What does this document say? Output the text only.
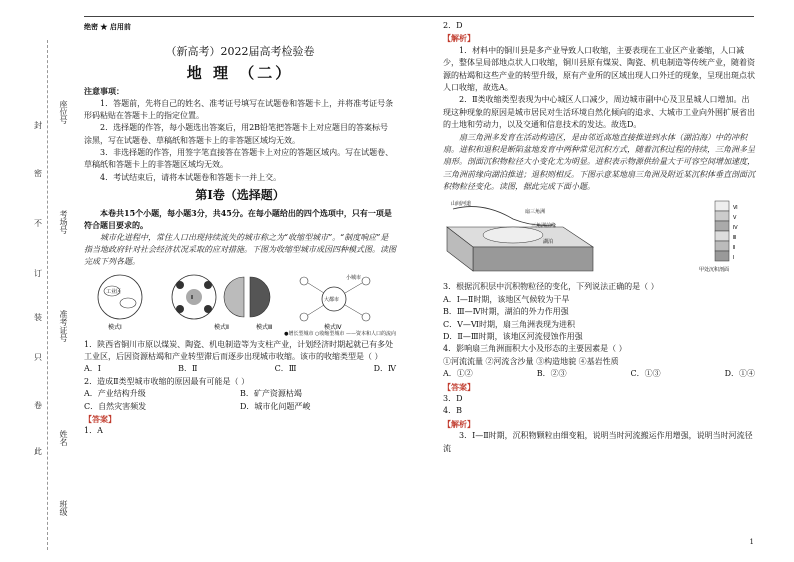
座位号
封
密
不 考场号
订
装
只
准考证号
卷
此
姓名
班级
绝密 ★ 启用前
（新高考）2022届高考检验卷
地 理 （二）

注意事项：

1．答题前，先将自己的姓名、准考证号填写在试题卷和答题卡上，并将准考证号条形码粘贴在答题卡上的指定位置。

2．选择题的作答，每小题选出答案后，用2B铅笔把答题卡上对应题目的答案标号涂黑，写在试题卷、草稿纸和答题卡上的非答题区域均无效。

3．非选择题的作答，用签字笔直接答在答题卡上对应的答题区域内。写在试题卷、草稿纸和答题卡上的非答题区域均无效。

4．考试结束后，请将本试题卷和答题卡一并上交。

第Ⅰ卷（选择题）

本卷共15个小题，每小题3分，共45分。在每小题给出的四个选项中，只有一项是符合题目要求的。

城市化进程中，常住人口出现持续流失的城市称之为“收缩型城市”。“制度响应”是指当地政府针对社会经济状况采取的应对措施。下图为收缩型城市成因四种模式图。读图完成下列各题。

工业区
模式Ⅰ
Ⅱ
模式Ⅱ	模式Ⅲ
大都市
小城市
模式Ⅳ

●增长型城市 ○收缩型城市 ——资本和人口的流向

1．陕西省铜川市原以煤炭、陶瓷、机电制造等为支柱产业，计划经济时期起就已有多处工业区，后因资源枯竭和产业转型滞后而逐步出现城市收缩。该市的收缩类型是（ ）

A．Ⅰ	B．Ⅱ	C．Ⅲ	D．Ⅳ

2．造成Ⅱ类型城市收缩的原因最有可能是（ ）

A．产业结构升级	B．矿产资源枯竭
C．自然灾害频发	D．城市化问题严峻

【答案】

1．A

2．D

【解析】

1．材料中的铜川县是多产业导致人口收缩，主要表现在工业区产业萎缩，人口减少，整体呈局部地点状人口收缩，铜川县原有煤炭、陶瓷、机电制造等传统产业，随着资源的枯竭和这些产业的转型升级，原有产业所的区域出现人口外迁的现象，呈现出斑点状人口收缩，故选A。

2．Ⅱ类收缩类型表现为中心城区人口减少，周边城市副中心及卫星城人口增加。出现这种现象的原因是城市居民对生活环境自然化倾向的追求、大城市工业向外围扩展省出的土地和劳动力，以及交通和信息技术的发达。故选D。

扇三角洲多发育在活动构造区，是由邻近高地直接推进到水体（湖泊海）中的冲积扇。进积和退积是断陷盆地发育中两种常见沉积方式，随着沉积过程的持续，三角洲多呈扇形。剖面沉积物粒径大小变化尤为明显。进积表示物源供给量大于可容空间增加速度，三角洲前缘向湖泊推进；退积则相反。下图示意某地扇三角洲及附近某沉积体垂直剖面沉积物粒径变化。读图，据此完成下面小题。

山间河道
扇三角洲
湖泊
三角洲前缘
Ⅰ
Ⅱ
Ⅲ
Ⅳ
Ⅴ
Ⅵ
甲处沉积剖面

3．根据沉积层中沉积物粒径的变化，下列说法正确的是（ ）

A．Ⅰ—Ⅱ时期，该地区气候较为干旱

B．Ⅲ—Ⅳ时期，湖泊的外力作用强

C．Ⅴ—Ⅵ时期，扇三角洲表现为进积

D．Ⅱ—Ⅲ时期，该地区河流侵蚀作用强

4．影响扇三角洲面积大小及形态的主要因素是（ ）

①河流流量 ②河流含沙量 ③构造地貌 ④基岩性质

A．①②	B．②③	C．①③	D．①④

【答案】

3．D

4．B

【解析】

3．Ⅰ—Ⅱ时期，沉积物颗粒由细变粗，说明当时河流搬运作用增强，说明当时河流径流

1
